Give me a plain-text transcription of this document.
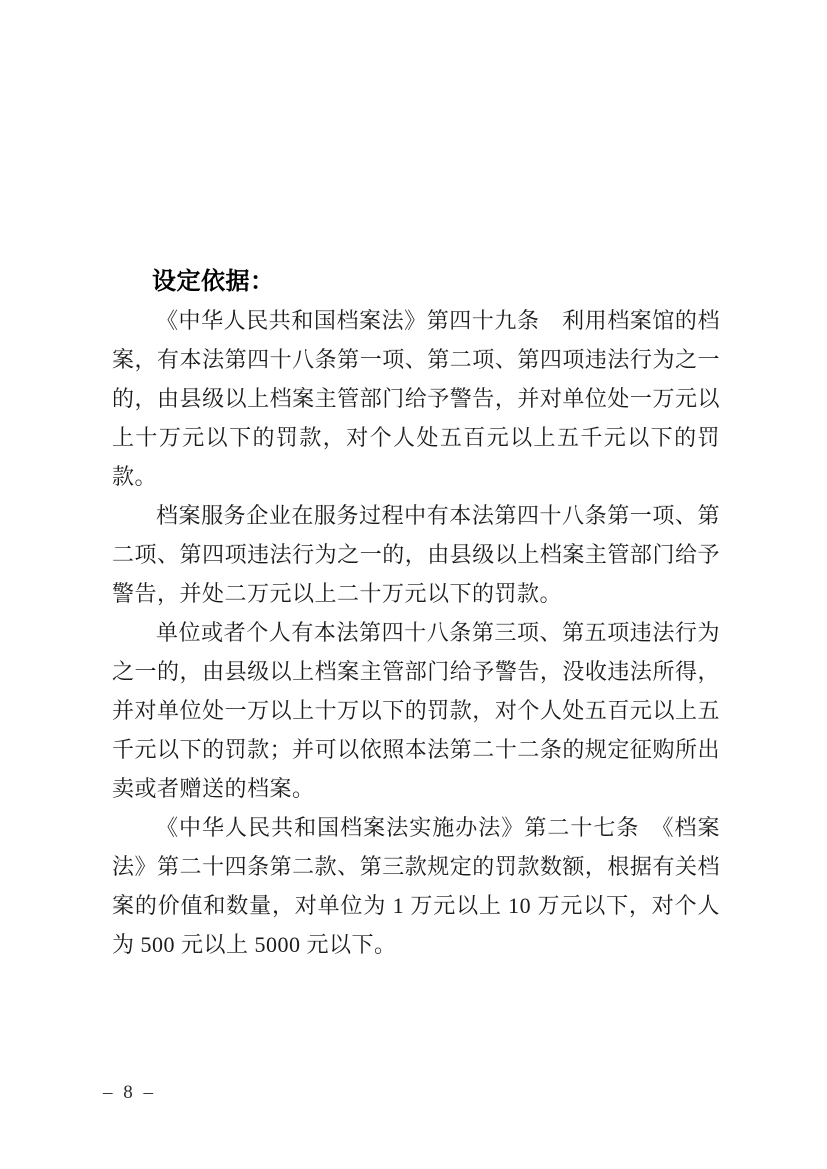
设定依据：

《中华人民共和国档案法》第四十九条　利用档案馆的档案，有本法第四十八条第一项、第二项、第四项违法行为之一的，由县级以上档案主管部门给予警告，并对单位处一万元以上十万元以下的罚款，对个人处五百元以上五千元以下的罚款。

档案服务企业在服务过程中有本法第四十八条第一项、第二项、第四项违法行为之一的，由县级以上档案主管部门给予警告，并处二万元以上二十万元以下的罚款。

单位或者个人有本法第四十八条第三项、第五项违法行为之一的，由县级以上档案主管部门给予警告，没收违法所得，并对单位处一万以上十万以下的罚款，对个人处五百元以上五千元以下的罚款；并可以依照本法第二十二条的规定征购所出卖或者赠送的档案。

《中华人民共和国档案法实施办法》第二十七条　《档案法》第二十四条第二款、第三款规定的罚款数额，根据有关档案的价值和数量，对单位为 1 万元以上 10 万元以下，对个人为 500 元以上 5000 元以下。

– 8 –
